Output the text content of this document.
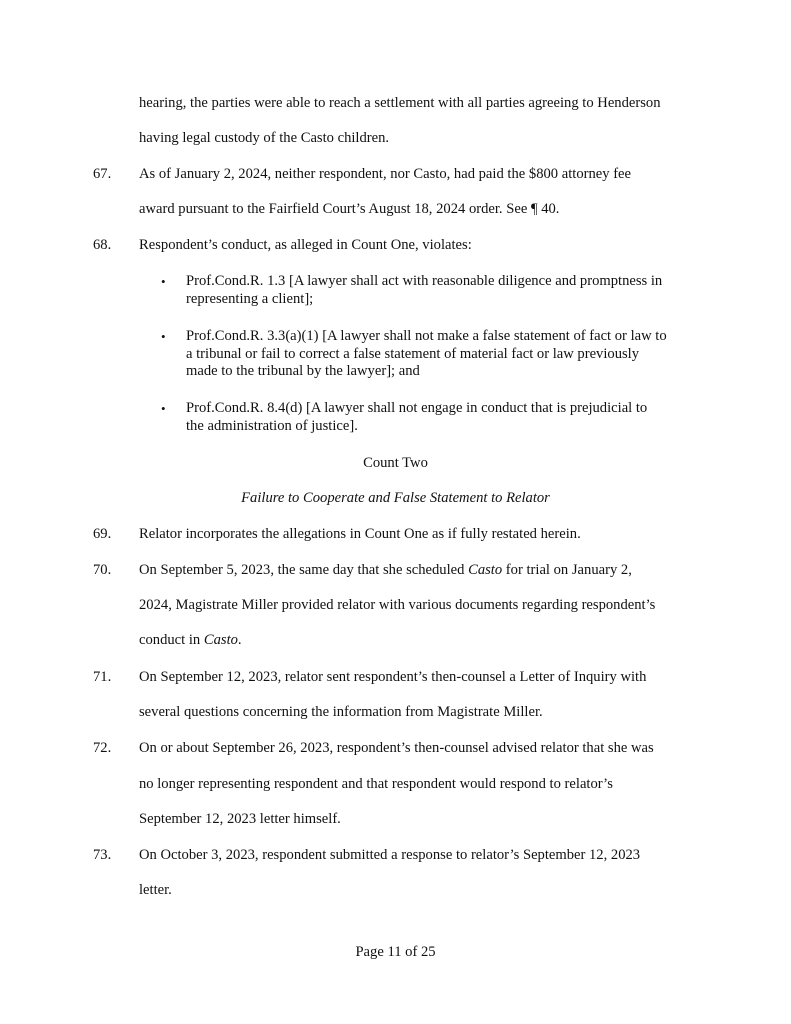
hearing, the parties were able to reach a settlement with all parties agreeing to Henderson
having legal custody of the Casto children.
67. As of January 2, 2024, neither respondent, nor Casto, had paid the $800 attorney fee
award pursuant to the Fairfield Court’s August 18, 2024 order. See ¶ 40.
68. Respondent’s conduct, as alleged in Count One, violates:
• Prof.Cond.R. 1.3 [A lawyer shall act with reasonable diligence and promptness in
representing a client];
• Prof.Cond.R. 3.3(a)(1) [A lawyer shall not make a false statement of fact or law to
a tribunal or fail to correct a false statement of material fact or law previously
made to the tribunal by the lawyer]; and
• Prof.Cond.R. 8.4(d) [A lawyer shall not engage in conduct that is prejudicial to
the administration of justice].
Count Two
Failure to Cooperate and False Statement to Relator
69. Relator incorporates the allegations in Count One as if fully restated herein.
70. On September 5, 2023, the same day that she scheduled Casto for trial on January 2,
2024, Magistrate Miller provided relator with various documents regarding respondent’s
conduct in Casto.
71. On September 12, 2023, relator sent respondent’s then-counsel a Letter of Inquiry with
several questions concerning the information from Magistrate Miller.
72. On or about September 26, 2023, respondent’s then-counsel advised relator that she was
no longer representing respondent and that respondent would respond to relator’s
September 12, 2023 letter himself.
73. On October 3, 2023, respondent submitted a response to relator’s September 12, 2023
letter.
Page 11 of 25
